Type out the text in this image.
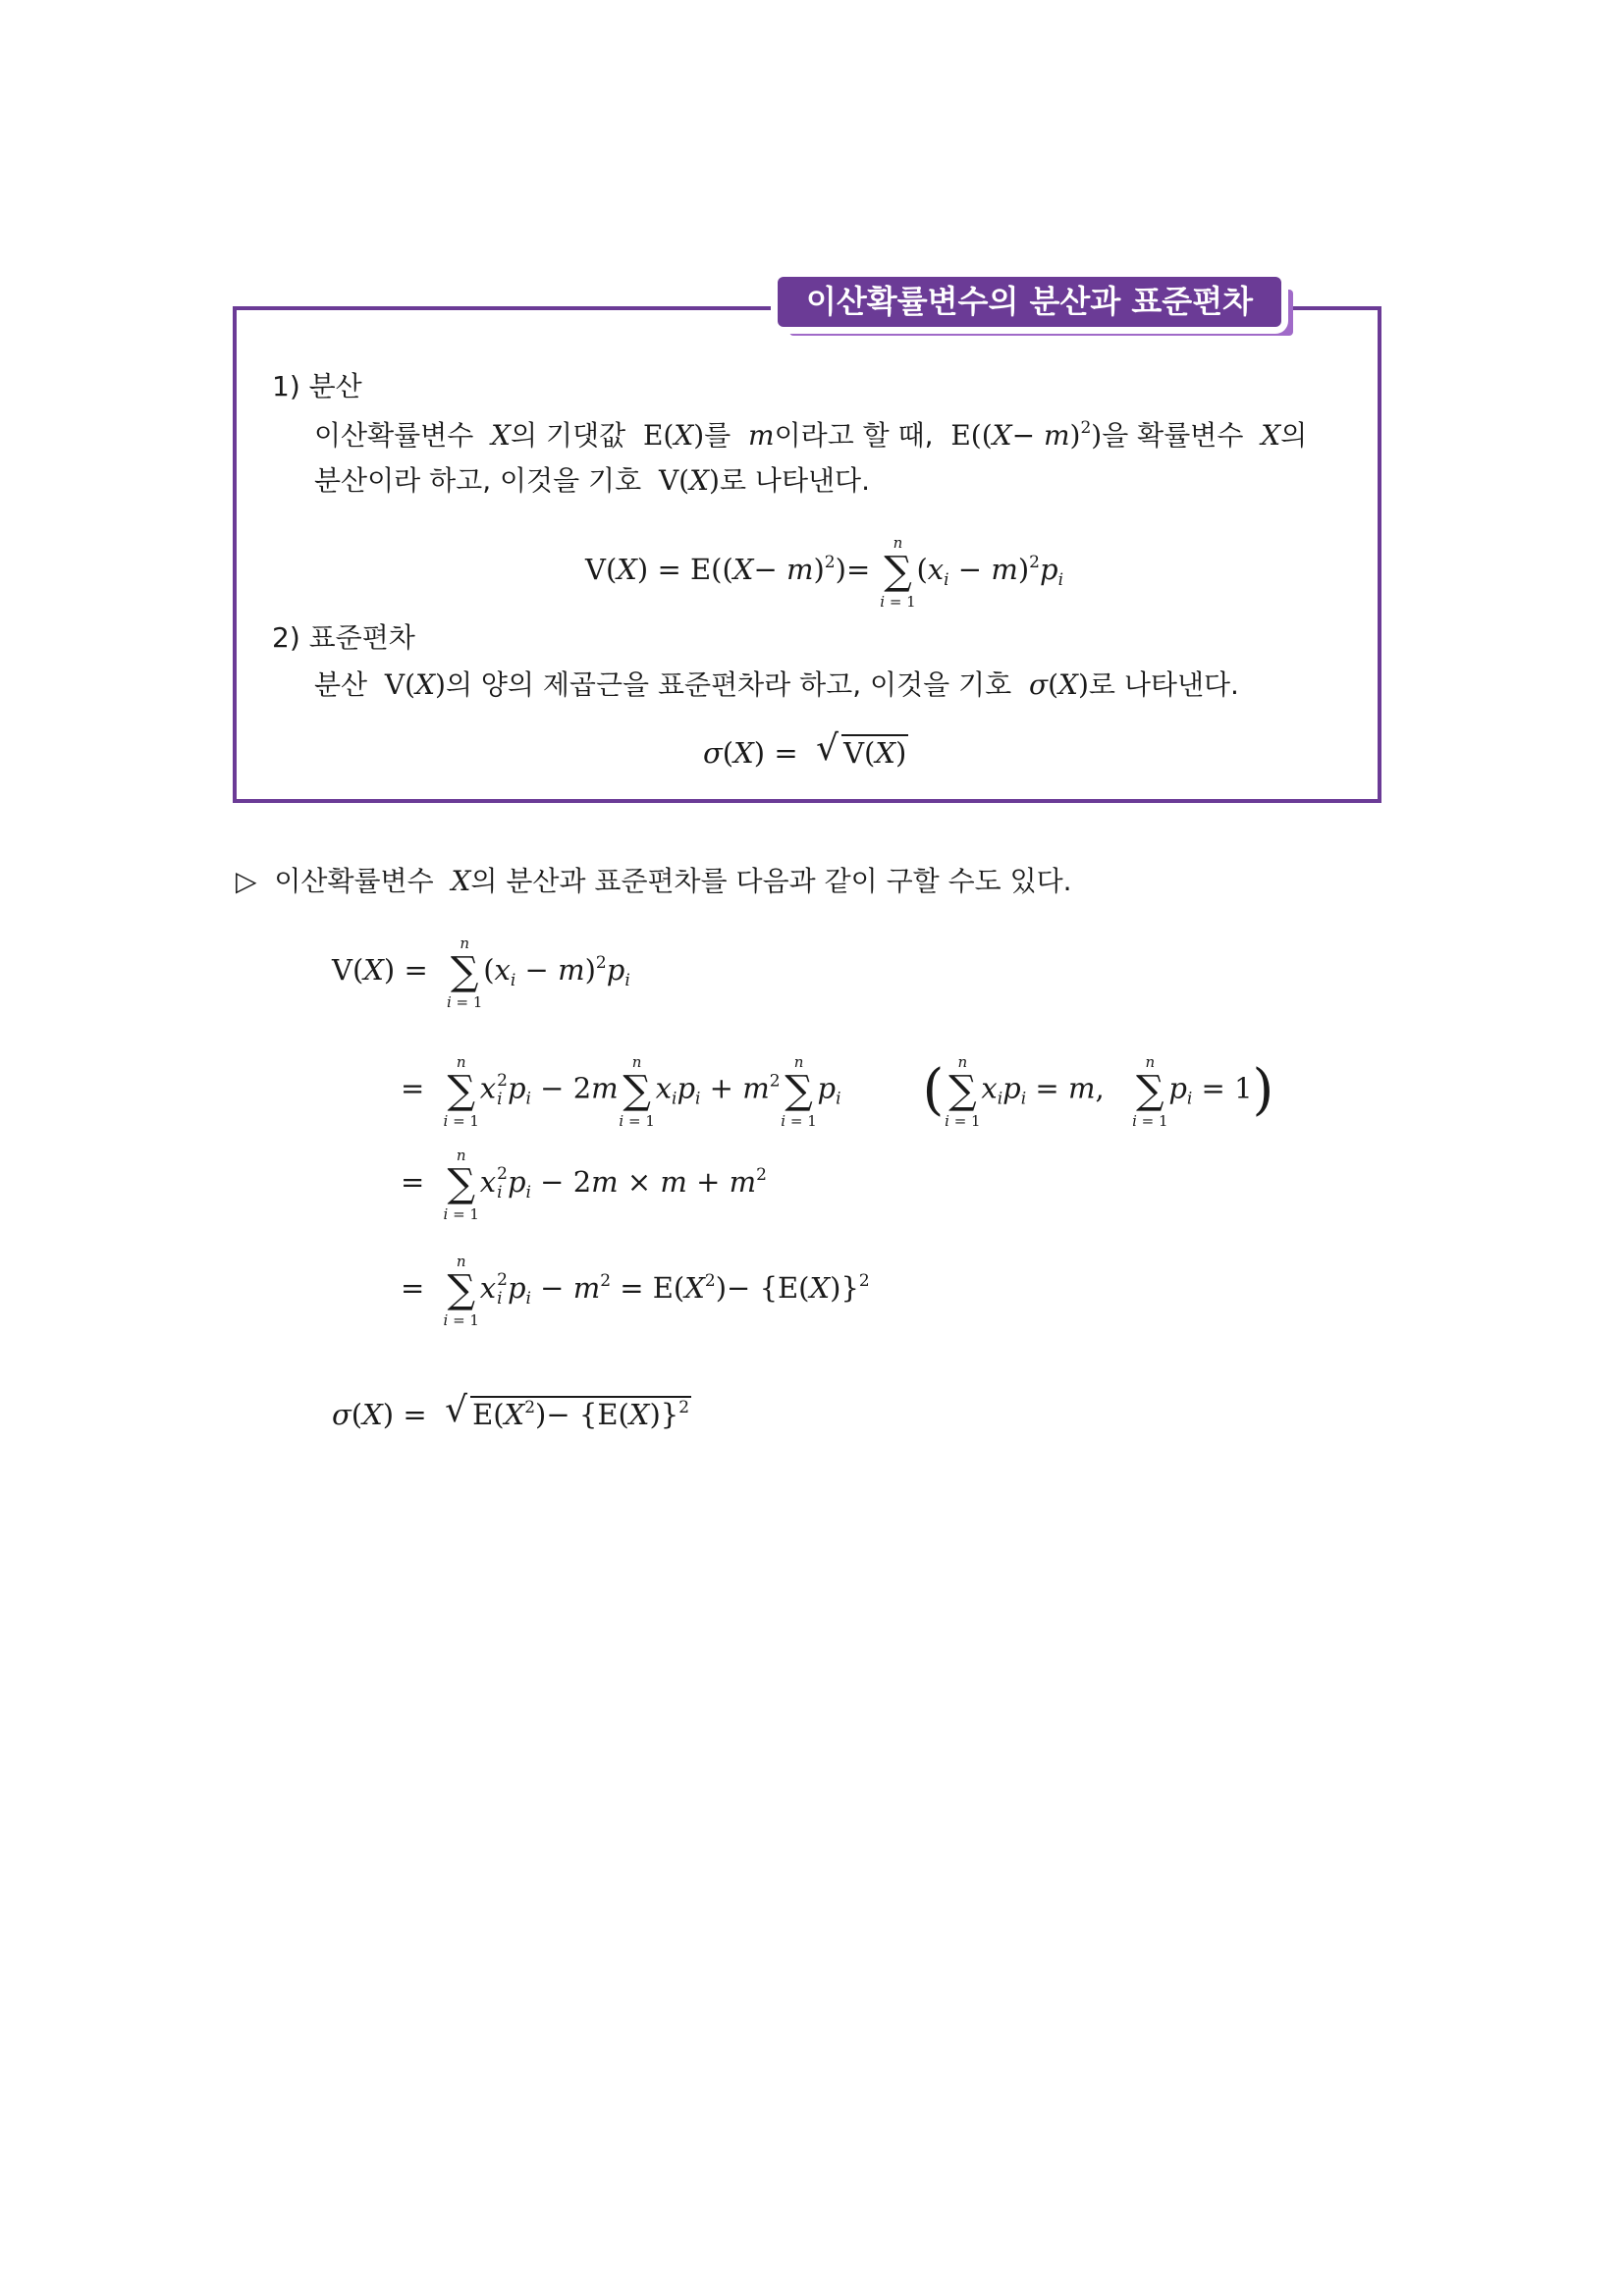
이산확률변수의 분산과 표준편차
1) 분산
이산확률변수  X의 기댓값  E(X)를  m이라고 할 때,  $E((X- m)^2)$을 확률변수  X의
분산이라 하고, 이것을 기호  V(X)로 나타낸다.
$V(X) = E((X- m)^2)=$
n
∑
i = 1
$(x_i - m)^2p_i$
2) 표준편차
분산  V(X)의 양의 제곱근을 표준편차라 하고, 이것을 기호 σ(X)로 나타낸다.
σ(X) = √ V(X)
▷ 이산확률변수  X의 분산과 표준편차를 다음과 같이 구할 수도 있다.
V(X) =
n
∑
i = 1
$(x_i - m)^2p_i$
=
n
∑
i = 1
x 2
i $p_i - 2m$
n
∑
i = 1
$x_ip_i + m^2$
n
∑
i = 1
$p_i$ ( n
∑
i = 1
$x_ip_i = m$,
n
∑
i = 1
$p_i = 1$)
=
n
∑
i = 1
x 2
i $p_i - 2m \times m + m^2$
=
n
∑
i = 1
x 2
i $p_i - m^2 = E(X^2)- \{E(X)\}^2$
σ(X) = √ $E(X^2)- \{E(X)\}^2$
